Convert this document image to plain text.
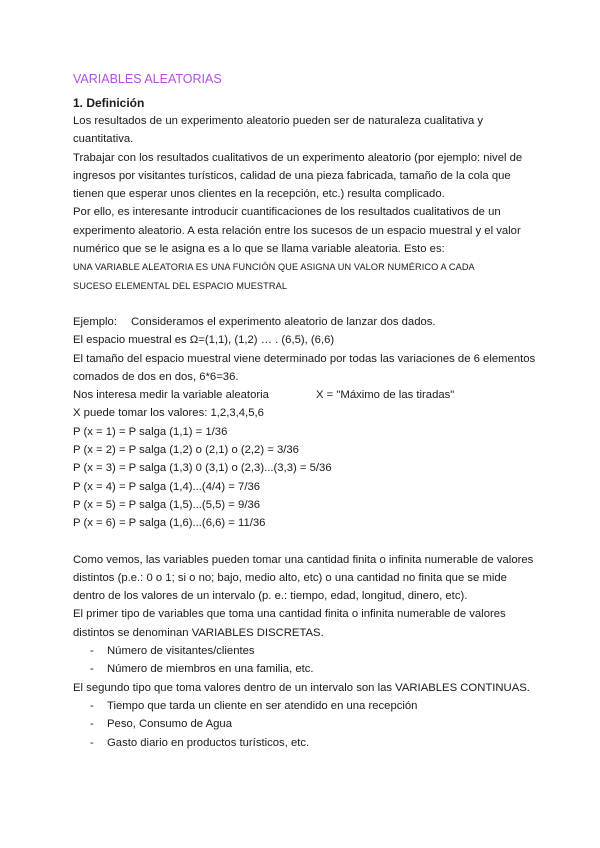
VARIABLES ALEATORIAS
1. Definición

Los resultados de un experimento aleatorio pueden ser de naturaleza cualitativa y

cuantitativa.

Trabajar con los resultados cualitativos de un experimento aleatorio (por ejemplo: nivel de

ingresos por visitantes turísticos, calidad de una pieza fabricada, tamaño de la cola que

tienen que esperar unos clientes en la recepción, etc.) resulta complicado.

Por ello, es interesante introducir cuantificaciones de los resultados cualitativos de un

experimento aleatorio. A esta relación entre los sucesos de un espacio muestral y el valor

numérico que se le asigna es a lo que se llama variable aleatoria. Esto es:

UNA VARIABLE ALEATORIA ES UNA FUNCIÓN QUE ASIGNA UN VALOR NUMÉRICO A CADA

SUCESO ELEMENTAL DEL ESPACIO MUESTRAL

Ejemplo:	Consideramos el experimento aleatorio de lanzar dos dados.

El espacio muestral es Ω=(1,1), (1,2) … . (6,5), (6,6)

El tamaño del espacio muestral viene determinado por todas las variaciones de 6 elementos

comados de dos en dos, 6*6=36.

Nos interesa medir la variable aleatoria	X = "Máximo de las tiradas"

X puede tomar los valores: 1,2,3,4,5,6

P (x = 1) = P salga (1,1) = 1/36

P (x = 2) = P salga (1,2) o (2,1) o (2,2) = 3/36

P (x = 3) = P salga (1,3) 0 (3,1) o (2,3)...(3,3) = 5/36

P (x = 4) = P salga (1,4)...(4/4) = 7/36

P (x = 5) = P salga (1,5)...(5,5) = 9/36

P (x = 6) = P salga (1,6)...(6,6) = 11/36

Como vemos, las variables pueden tomar una cantidad finita o infinita numerable de valores

distintos (p.e.: 0 o 1; si o no; bajo, medio alto, etc) o una cantidad no finita que se mide

dentro de los valores de un intervalo (p. e.: tiempo, edad, longitud, dinero, etc).

El primer tipo de variables que toma una cantidad finita o infinita numerable de valores

distintos se denominan VARIABLES DISCRETAS.

-	Número de visitantes/clientes
-	Número de miembros en una familia, etc.

El segundo tipo que toma valores dentro de un intervalo son las VARIABLES CONTINUAS.

-	Tiempo que tarda un cliente en ser atendido en una recepción
-	Peso, Consumo de Agua
-	Gasto diario en productos turísticos, etc.
